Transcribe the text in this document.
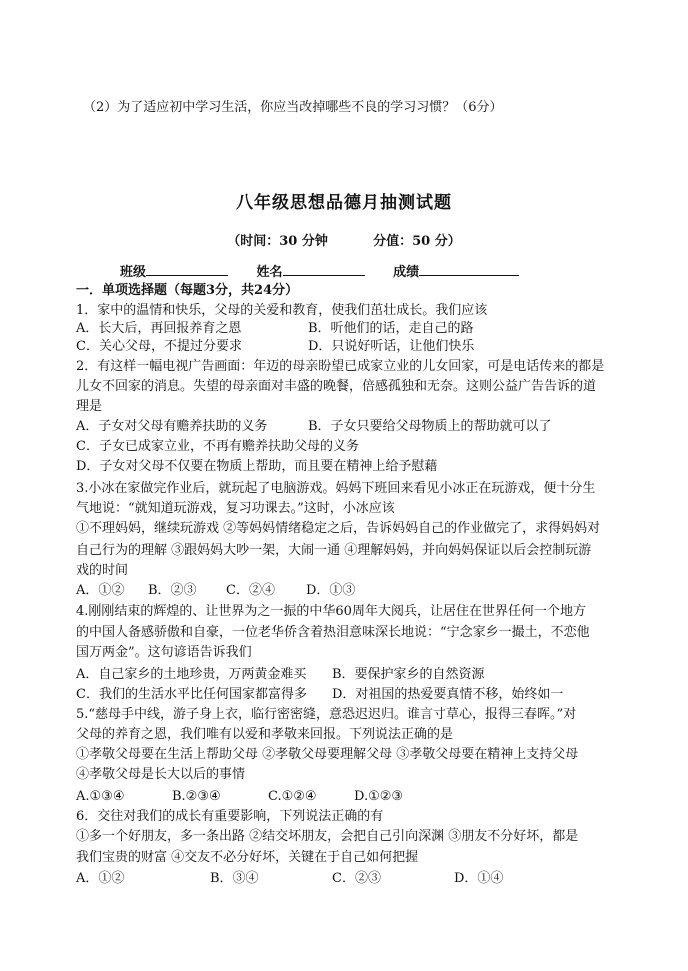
（2）为了适应初中学习生活，你应当改掉哪些不良的学习习惯？（6分）
八年级思想品德月抽测试题
（时间：30 分钟          分值：50 分）
班级	姓名	成绩
一．单项选择题（每题3分，共24分）
1．家中的温情和快乐，父母的关爱和教育，使我们茁壮成长。我们应该
A．长大后，再回报养育之恩	B．听他们的话，走自己的路
C．关心父母，不提过分要求	D．只说好听话，让他们快乐
2．有这样一幅电视广告画面：年迈的母亲盼望已成家立业的儿女回家，可是电话传来的都是
儿女不回家的消息。失望的母亲面对丰盛的晚餐，倍感孤独和无奈。这则公益广告告诉的道
理是
A．子女对父母有赡养扶助的义务	B．子女只要给父母物质上的帮助就可以了
C．子女已成家立业，不再有赡养扶助父母的义务
D．子女对父母不仅要在物质上帮助，而且要在精神上给予慰藉
3.小冰在家做完作业后，就玩起了电脑游戏。妈妈下班回来看见小冰正在玩游戏，便十分生
气地说：“就知道玩游戏，复习功课去。”这时，小冰应该
①不理妈妈，继续玩游戏 ②等妈妈情绪稳定之后，告诉妈妈自己的作业做完了，求得妈妈对
自己行为的理解 ③跟妈妈大吵一架，大闹一通 ④理解妈妈，并向妈妈保证以后会控制玩游
戏的时间
A．①② B．②③ C．②④ D．①③
4.刚刚结束的辉煌的、让世界为之一振的中华60周年大阅兵，让居住在世界任何一个地方
的中国人备感骄傲和自豪，一位老华侨含着热泪意味深长地说：“宁念家乡一撮土，不恋他
国万两金”。这句谚语告诉我们
A．自己家乡的土地珍贵，万两黄金难买 B．要保护家乡的自然资源
C．我们的生活水平比任何国家都富得多 D．对祖国的热爱要真情不移，始终如一
5.“慈母手中线，游子身上衣，临行密密缝，意恐迟迟归。谁言寸草心，报得三春晖。”对
父母的养育之恩，我们唯有以爱和孝敬来回报。下列说法正确的是
①孝敬父母要在生活上帮助父母 ②孝敬父母要理解父母 ③孝敬父母要在精神上支持父母
④孝敬父母是长大以后的事情
A.①③④	B.②③④	C.①②④	D.①②③
6．交往对我们的成长有重要影响，下列说法正确的有
①多一个好朋友，多一条出路 ②结交坏朋友，会把自己引向深渊 ③朋友不分好坏，都是
我们宝贵的财富 ④交友不必分好坏，关键在于自己如何把握
A．①②	B．③④	C．②③	D．①④
